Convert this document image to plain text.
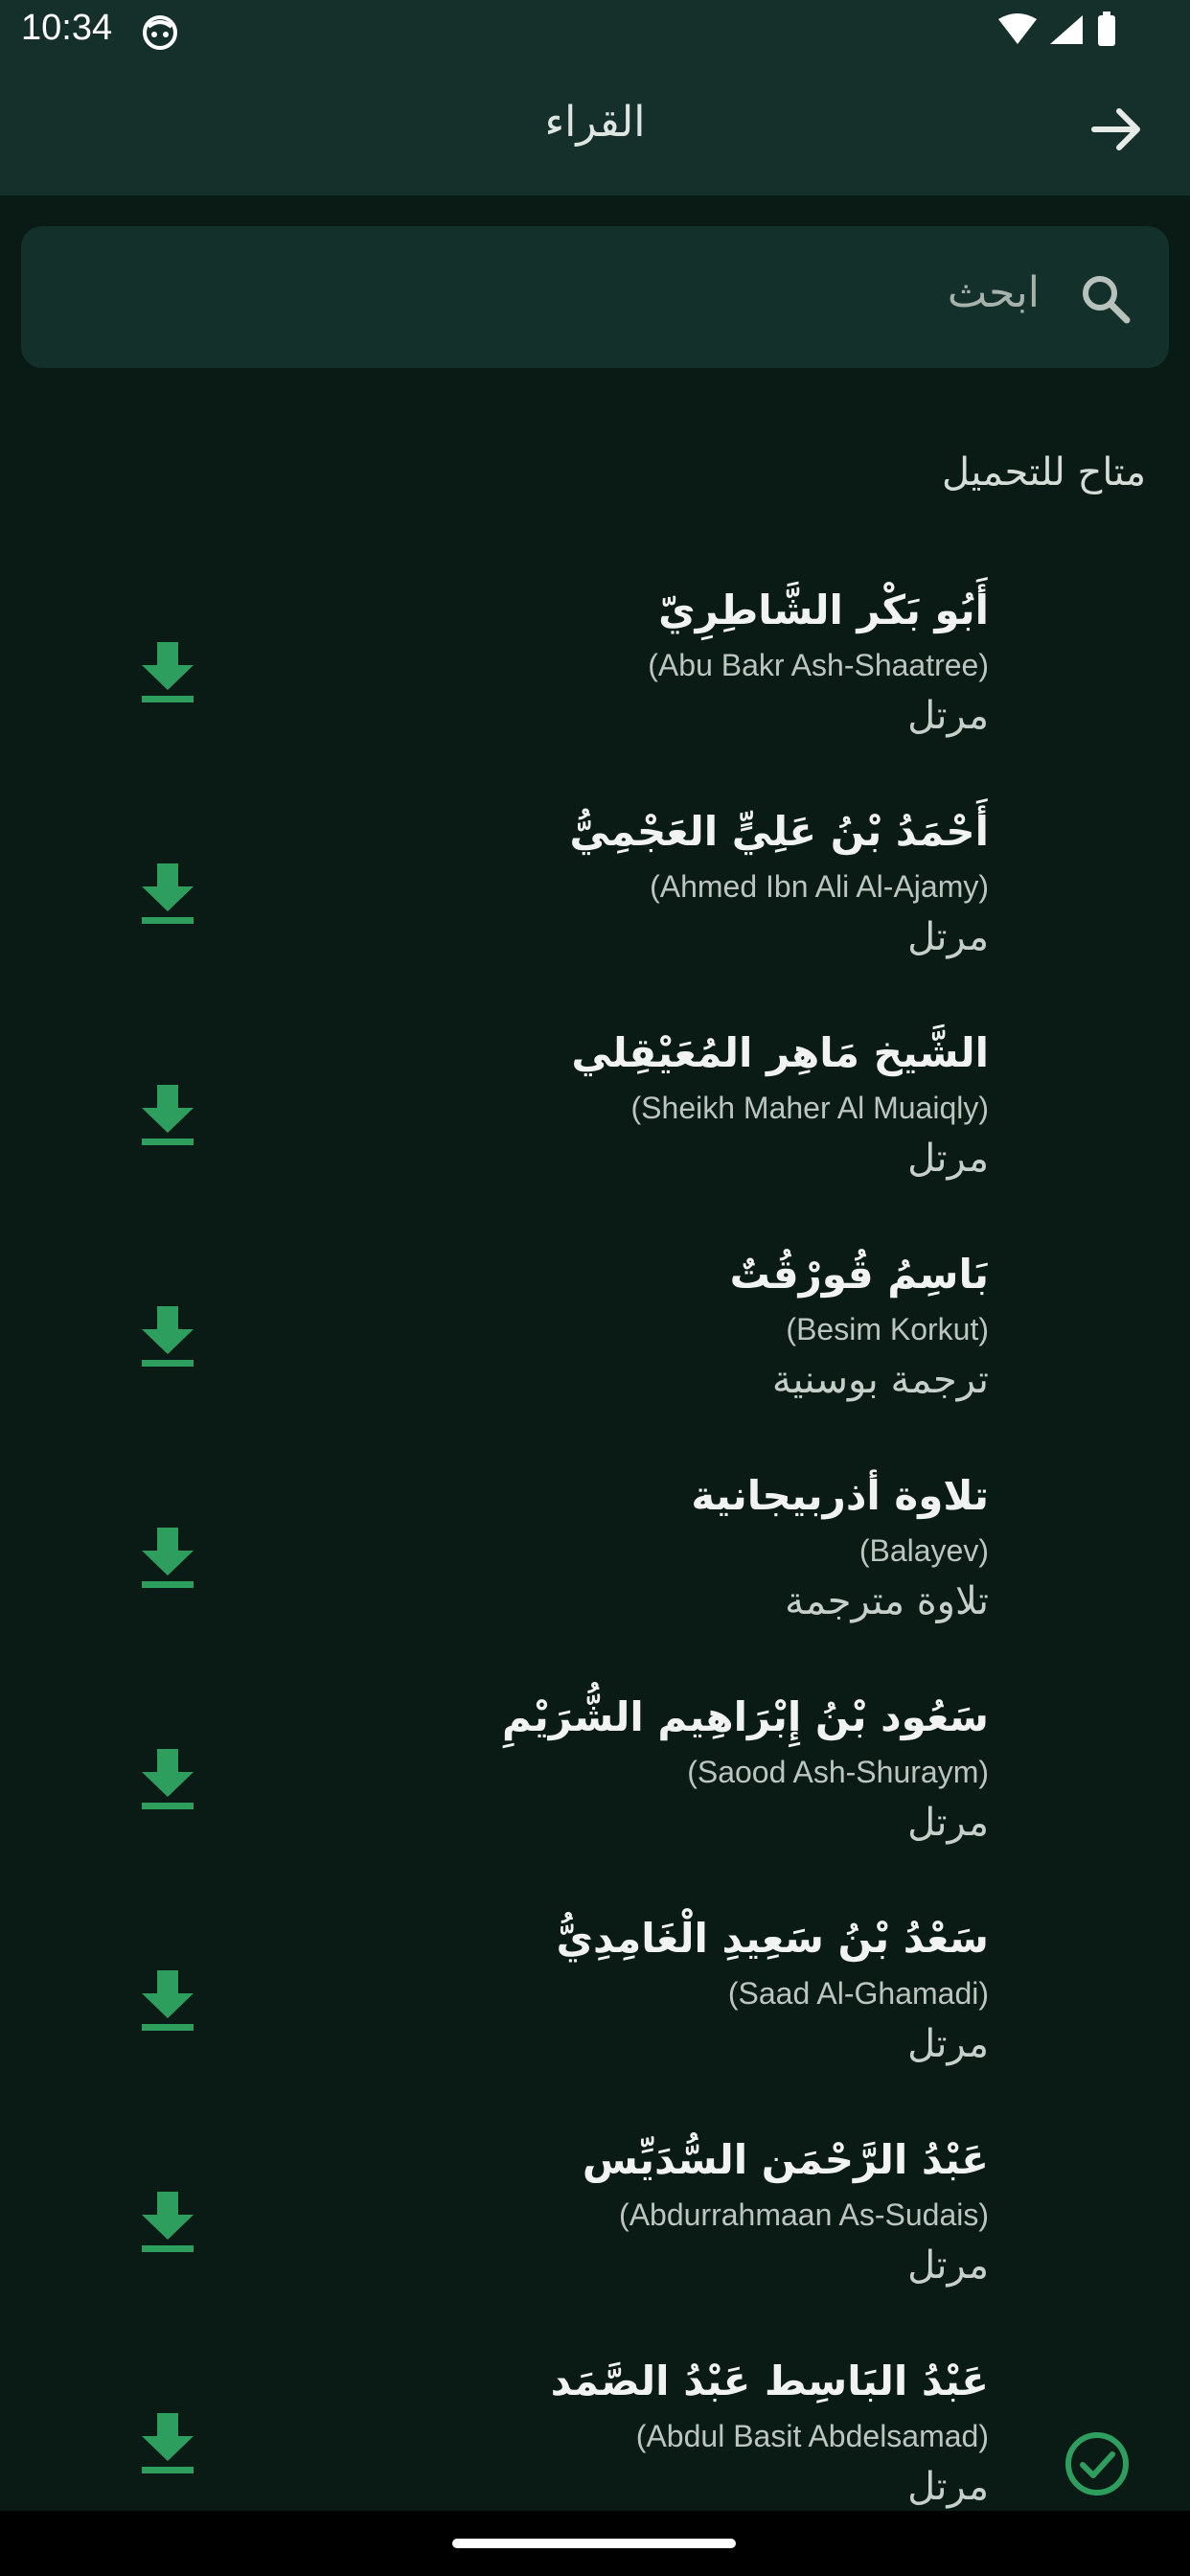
10:34
القراء
ابحث
متاح للتحميل
أَبُو بَكْر الشَّاطِرِيّ
(Abu Bakr Ash-Shaatree)
مرتل
أَحْمَدُ بْنُ عَلِيٍّ العَجْمِيُّ
(Ahmed Ibn Ali Al-Ajamy)
مرتل
الشَّيخ مَاهِر المُعَيْقِلي
(Sheikh Maher Al Muaiqly)
مرتل
بَاسِمُ قُورْقُتٌ
(Besim Korkut)
ترجمة بوسنية
تلاوة أذربيجانية
(Balayev)
تلاوة مترجمة
سَعُود بْنُ إِبْرَاهِيم الشُّرَيْمِ
(Saood Ash-Shuraym)
مرتل
سَعْدُ بْنُ سَعِيدِ الْغَامِدِيُّ
(Saad Al-Ghamadi)
مرتل
عَبْدُ الرَّحْمَن السُّدَيِّس
(Abdurrahmaan As-Sudais)
مرتل
عَبْدُ البَاسِط عَبْدُ الصَّمَد
(Abdul Basit Abdelsamad)
مرتل
